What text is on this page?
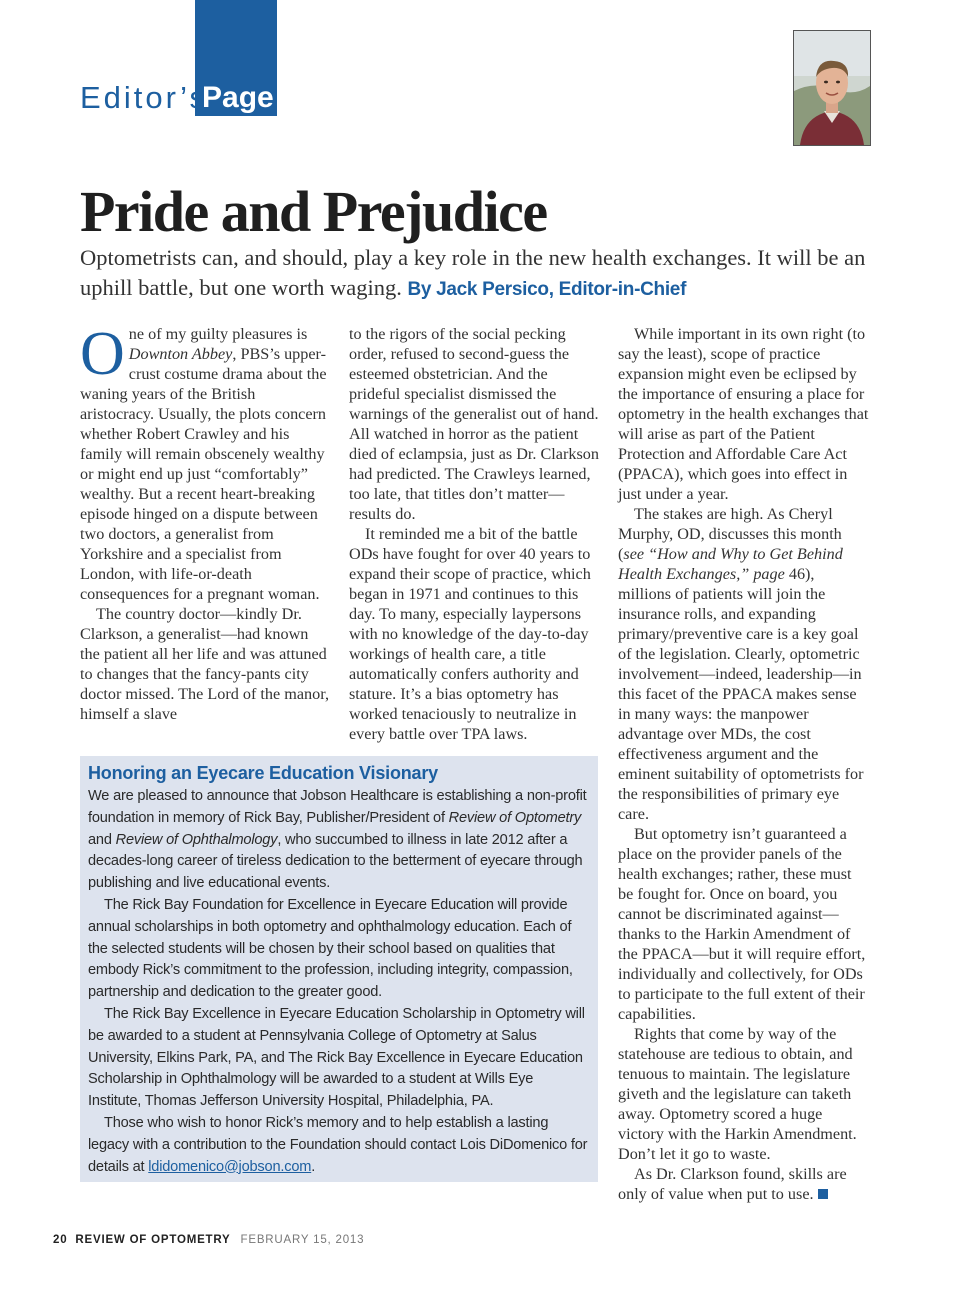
Editor’s
Page
Pride and Prejudice

Optometrists can, and should, play a key role in the new health exchanges. It will be an uphill battle, but one worth waging. By Jack Persico, Editor-in-Chief

One of my guilty pleasures is Downton Abbey, PBS’s upper-crust costume drama about the waning years of the British aristocracy. Usually, the plots concern whether Robert Crawley and his family will remain obscenely wealthy or might end up just “comfortably” wealthy. But a recent heart-breaking episode hinged on a dispute between two doctors, a generalist from Yorkshire and a specialist from London, with life-or-death consequences for a pregnant woman.

The country doctor—kindly Dr. Clarkson, a generalist—had known the patient all her life and was attuned to changes that the fancy-pants city doctor missed. The Lord of the manor, himself a slave

to the rigors of the social pecking order, refused to second-guess the esteemed obstetrician. And the prideful specialist dismissed the warnings of the generalist out of hand. All watched in horror as the patient died of eclampsia, just as Dr. Clarkson had predicted. The Crawleys learned, too late, that titles don’t matter—results do.

It reminded me a bit of the battle ODs have fought for over 40 years to expand their scope of practice, which began in 1971 and continues to this day. To many, especially laypersons with no knowledge of the day-to-day workings of health care, a title automatically confers authority and stature. It’s a bias optometry has worked tenaciously to neutralize in every battle over TPA laws.

While important in its own right (to say the least), scope of practice expansion might even be eclipsed by the importance of ensuring a place for optometry in the health exchanges that will arise as part of the Patient Protection and Affordable Care Act (PPACA), which goes into effect in just under a year.

The stakes are high. As Cheryl Murphy, OD, discusses this month (see “How and Why to Get Behind Health Exchanges,” page 46), millions of patients will join the insurance rolls, and expanding primary/preventive care is a key goal of the legislation. Clearly, optometric involvement—indeed, leadership—in this facet of the PPACA makes sense in many ways: the manpower advantage over MDs, the cost effectiveness argument and the eminent suitability of optometrists for the responsibilities of primary eye care.

But optometry isn’t guaranteed a place on the provider panels of the health exchanges; rather, these must be fought for. Once on board, you cannot be discriminated against—thanks to the Harkin Amendment of the PPACA—but it will require effort, individually and collectively, for ODs to participate to the full extent of their capabilities.

Rights that come by way of the statehouse are tedious to obtain, and tenuous to maintain. The legislature giveth and the legislature can taketh away. Optometry scored a huge victory with the Harkin Amendment. Don’t let it go to waste.

As Dr. Clarkson found, skills are only of value when put to use.

Honoring an Eyecare Education Visionary

We are pleased to announce that Jobson Healthcare is establishing a non-profit foundation in memory of Rick Bay, Publisher/President of Review of Optometry and Review of Ophthalmology, who succumbed to illness in late 2012 after a decades-long career of tireless dedication to the betterment of eyecare through publishing and live educational events.

The Rick Bay Foundation for Excellence in Eyecare Education will provide annual scholarships in both optometry and ophthalmology education. Each of the selected students will be chosen by their school based on qualities that embody Rick’s commitment to the profession, including integrity, compassion, partnership and dedication to the greater good.

The Rick Bay Excellence in Eyecare Education Scholarship in Optometry will be awarded to a student at Pennsylvania College of Optometry at Salus University, Elkins Park, PA, and The Rick Bay Excellence in Eyecare Education Scholarship in Ophthalmology will be awarded to a student at Wills Eye Institute, Thomas Jefferson University Hospital, Philadelphia, PA.

Those who wish to honor Rick’s memory and to help establish a lasting legacy with a contribution to the Foundation should contact Lois DiDomenico for details at ldidomenico@jobson.com.

20 REVIEW OF OPTOMETRY FEBRUARY 15, 2013
